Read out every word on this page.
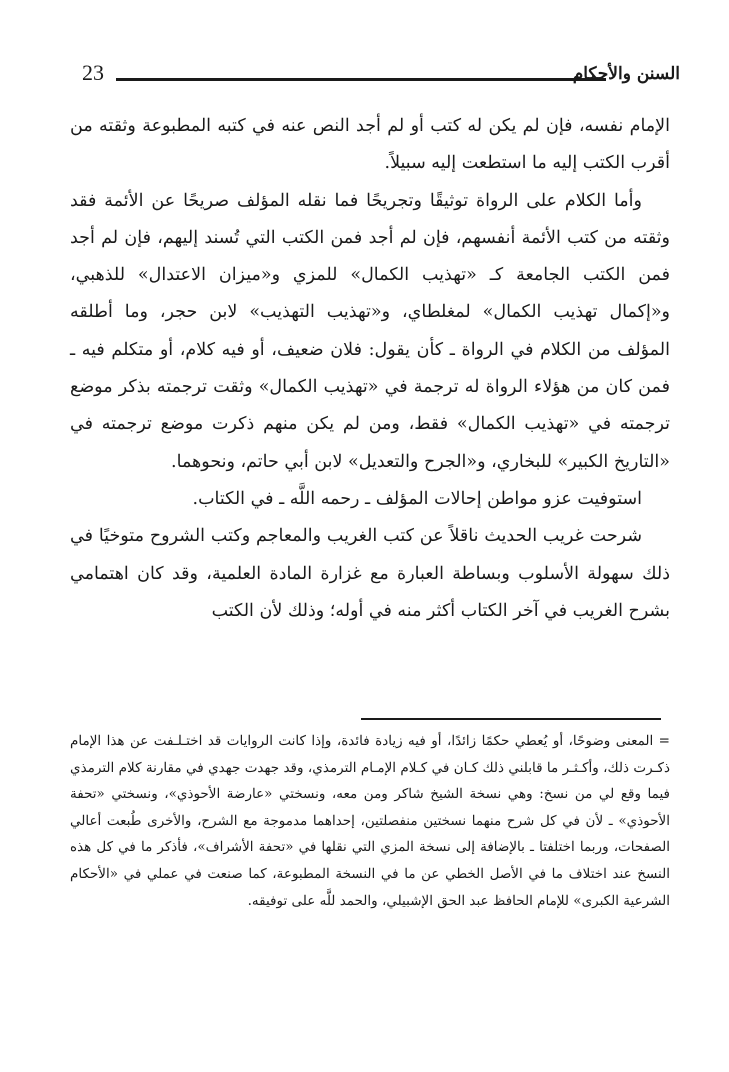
23	السنن والأحكام

الإمام نفسه، فإن لم يكن له كتب أو لم أجد النص عنه في كتبه المطبوعة وثقته من أقرب الكتب إليه ما استطعت إليه سبيلاً.

وأما الكلام على الرواة توثيقًا وتجريحًا فما نقله المؤلف صريحًا عن الأئمة فقد وثقته من كتب الأئمة أنفسهم، فإن لم أجد فمن الكتب التي تُسند إليهم، فإن لم أجد فمن الكتب الجامعة كـ «تهذيب الكمال» للمزي و«ميزان الاعتدال» للذهبي، و«إكمال تهذيب الكمال» لمغلطاي، و«تهذيب التهذيب» لابن حجر، وما أطلقه المؤلف من الكلام في الرواة ـ كأن يقول: فلان ضعيف، أو فيه كلام، أو متكلم فيه ـ فمن كان من هؤلاء الرواة له ترجمة في «تهذيب الكمال» وثقت ترجمته بذكر موضع ترجمته في «تهذيب الكمال» فقط، ومن لم يكن منهم ذكرت موضع ترجمته في «التاريخ الكبير» للبخاري، و«الجرح والتعديل» لابن أبي حاتم، ونحوهما.

استوفيت عزو مواطن إحالات المؤلف ـ رحمه اللَّه ـ في الكتاب.

شرحت غريب الحديث ناقلاً عن كتب الغريب والمعاجم وكتب الشروح متوخيًا في ذلك سهولة الأسلوب وبساطة العبارة مع غزارة المادة العلمية، وقد كان اهتمامي بشرح الغريب في آخر الكتاب أكثر منه في أوله؛ وذلك لأن الكتب

= المعنى وضوحًا، أو يُعطي حكمًا زائدًا، أو فيه زيادة فائدة، وإذا كانت الروايات قد اختـلـفت عن هذا الإمام ذكـرت ذلك، وأكـثـر ما قابلني ذلك كـان في كـلام الإمـام الترمذي، وقد جهدت جهدي في مقارنة كلام الترمذي فيما وقع لي من نسخ: وهي نسخة الشيخ شاكر ومن معه، ونسختي «عارضة الأحوذي»، ونسختي «تحفة الأحوذي» ـ لأن في كل شرح منهما نسختين منفصلتين، إحداهما مدموجة مع الشرح، والأخرى طُبعت أعالي الصفحات، وربما اختلفتا ـ بالإضافة إلى نسخة المزي التي نقلها في «تحفة الأشراف»، فأذكر ما في كل هذه النسخ عند اختلاف ما في الأصل الخطي عن ما في النسخة المطبوعة، كما صنعت في عملي في «الأحكام الشرعية الكبرى» للإمام الحافظ عبد الحق الإشبيلي، والحمد للَّه على توفيقه.
